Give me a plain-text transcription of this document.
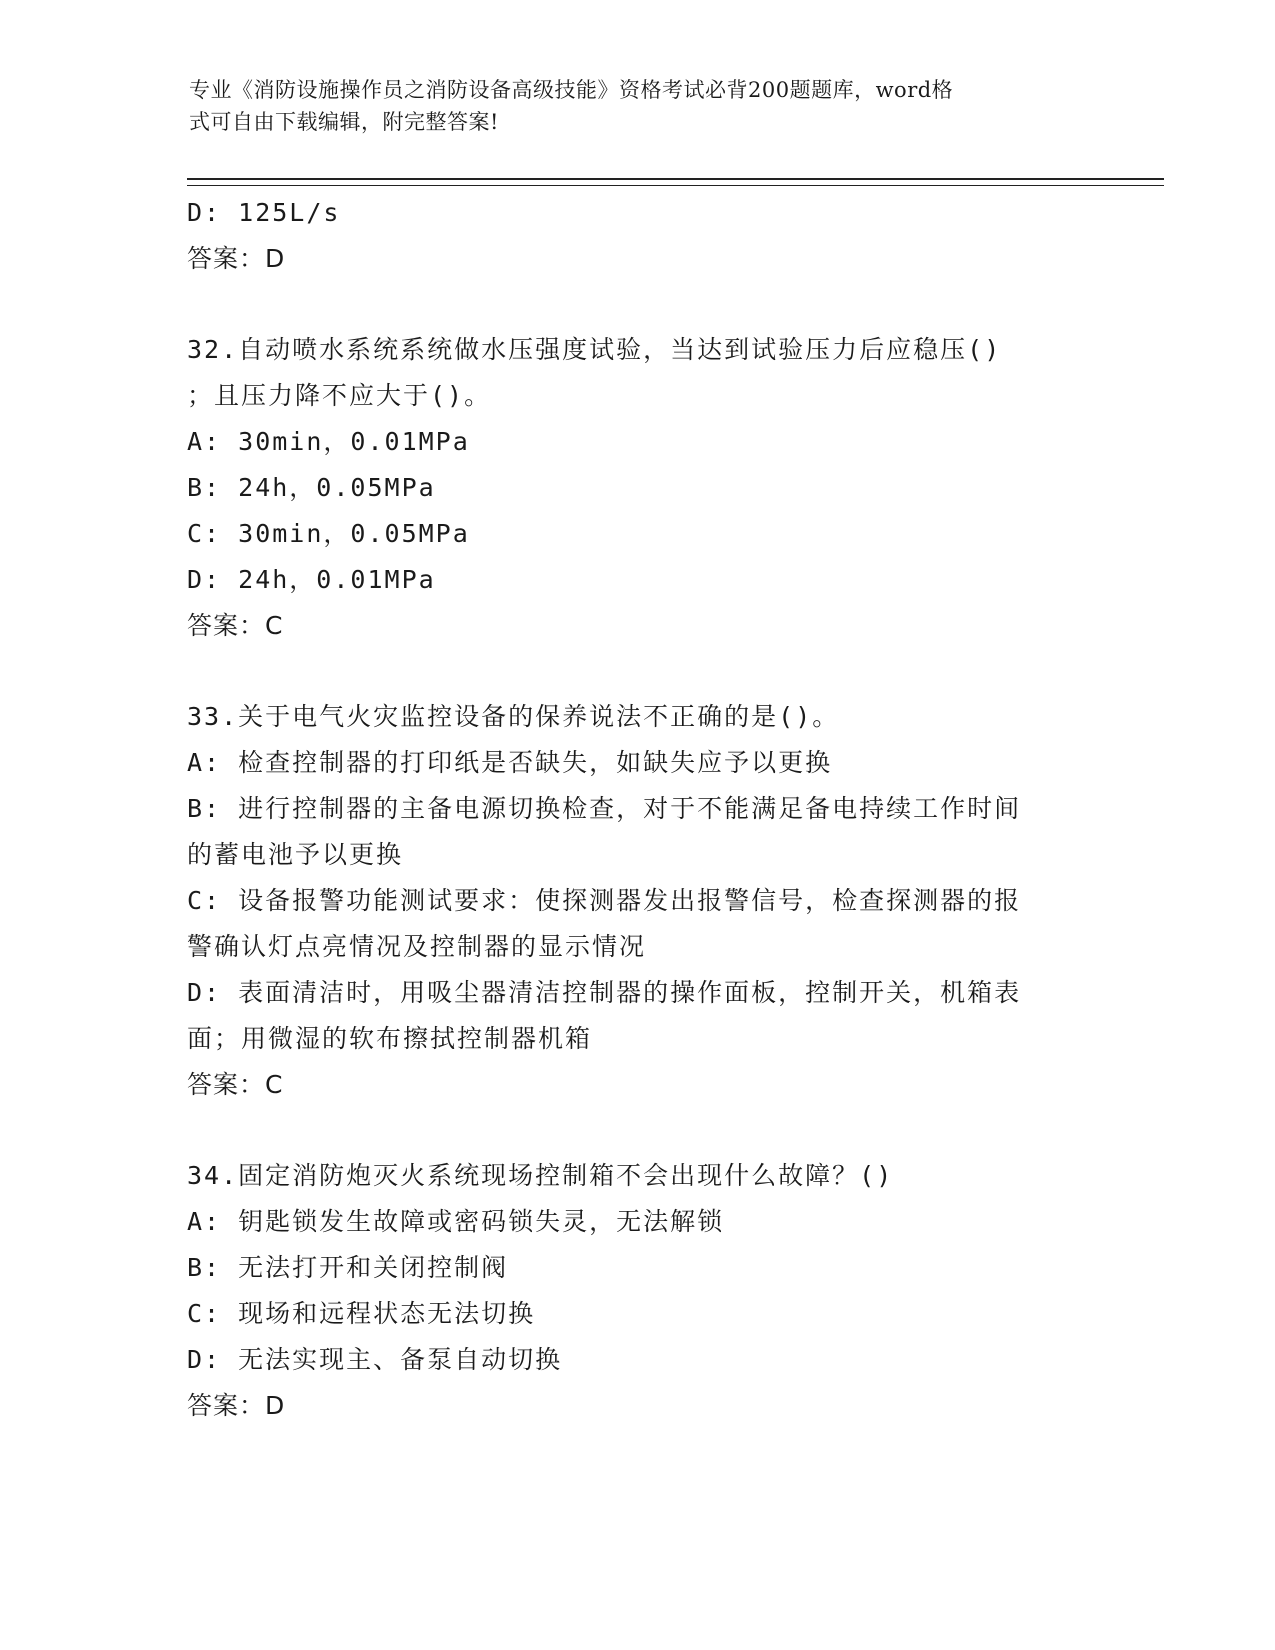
专业《消防设施操作员之消防设备高级技能》资格考试必背200题题库，word格
式可自由下载编辑，附完整答案!
D: 125L/s
答案：D
32.自动喷水系统系统做水压强度试验，当达到试验压力后应稳压()
；且压力降不应大于()。
A: 30min，0.01MPa
B: 24h，0.05MPa
C: 30min，0.05MPa
D: 24h，0.01MPa
答案：C
33.关于电气火灾监控设备的保养说法不正确的是()。
A: 检查控制器的打印纸是否缺失，如缺失应予以更换
B: 进行控制器的主备电源切换检查，对于不能满足备电持续工作时间
的蓄电池予以更换
C: 设备报警功能测试要求：使探测器发出报警信号，检查探测器的报
警确认灯点亮情况及控制器的显示情况
D: 表面清洁时，用吸尘器清洁控制器的操作面板，控制开关，机箱表
面；用微湿的软布擦拭控制器机箱
答案：C
34.固定消防炮灭火系统现场控制箱不会出现什么故障？()
A: 钥匙锁发生故障或密码锁失灵，无法解锁
B: 无法打开和关闭控制阀
C: 现场和远程状态无法切换
D: 无法实现主、备泵自动切换
答案：D
